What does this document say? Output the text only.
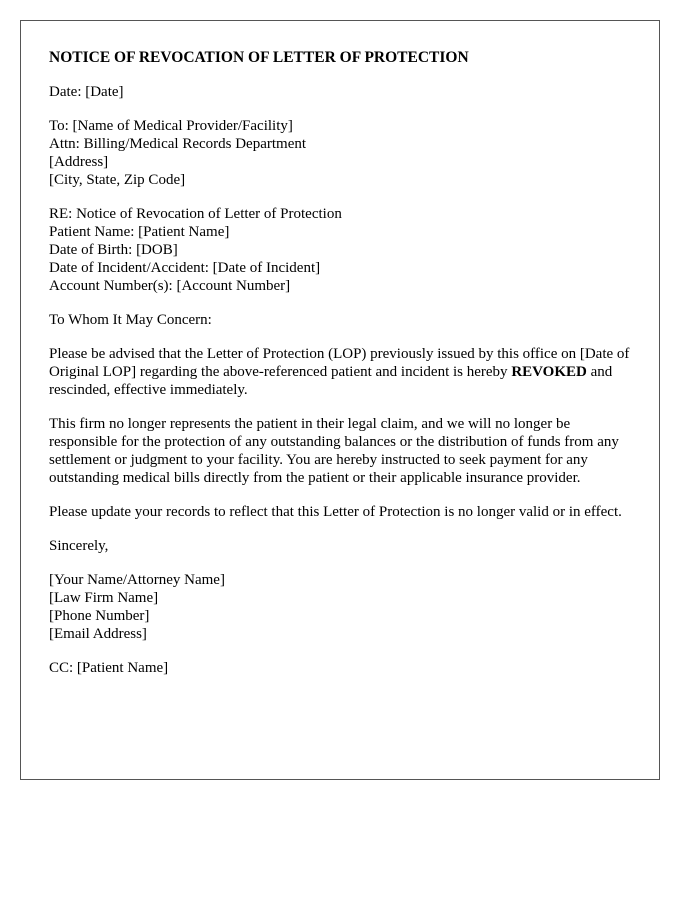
NOTICE OF REVOCATION OF LETTER OF PROTECTION
Date: [Date]
To: [Name of Medical Provider/Facility]
Attn: Billing/Medical Records Department
[Address]
[City, State, Zip Code]
RE: Notice of Revocation of Letter of Protection
Patient Name: [Patient Name]
Date of Birth: [DOB]
Date of Incident/Accident: [Date of Incident]
Account Number(s): [Account Number]
To Whom It May Concern:

Please be advised that the Letter of Protection (LOP) previously issued by this office on [Date of Original LOP] regarding the above-referenced patient and incident is hereby REVOKED and rescinded, effective immediately.

This firm no longer represents the patient in their legal claim, and we will no longer be responsible for the protection of any outstanding balances or the distribution of funds from any settlement or judgment to your facility. You are hereby instructed to seek payment for any outstanding medical bills directly from the patient or their applicable insurance provider.

Please update your records to reflect that this Letter of Protection is no longer valid or in effect.

Sincerely,
[Your Name/Attorney Name]
[Law Firm Name]
[Phone Number]
[Email Address]
CC: [Patient Name]
